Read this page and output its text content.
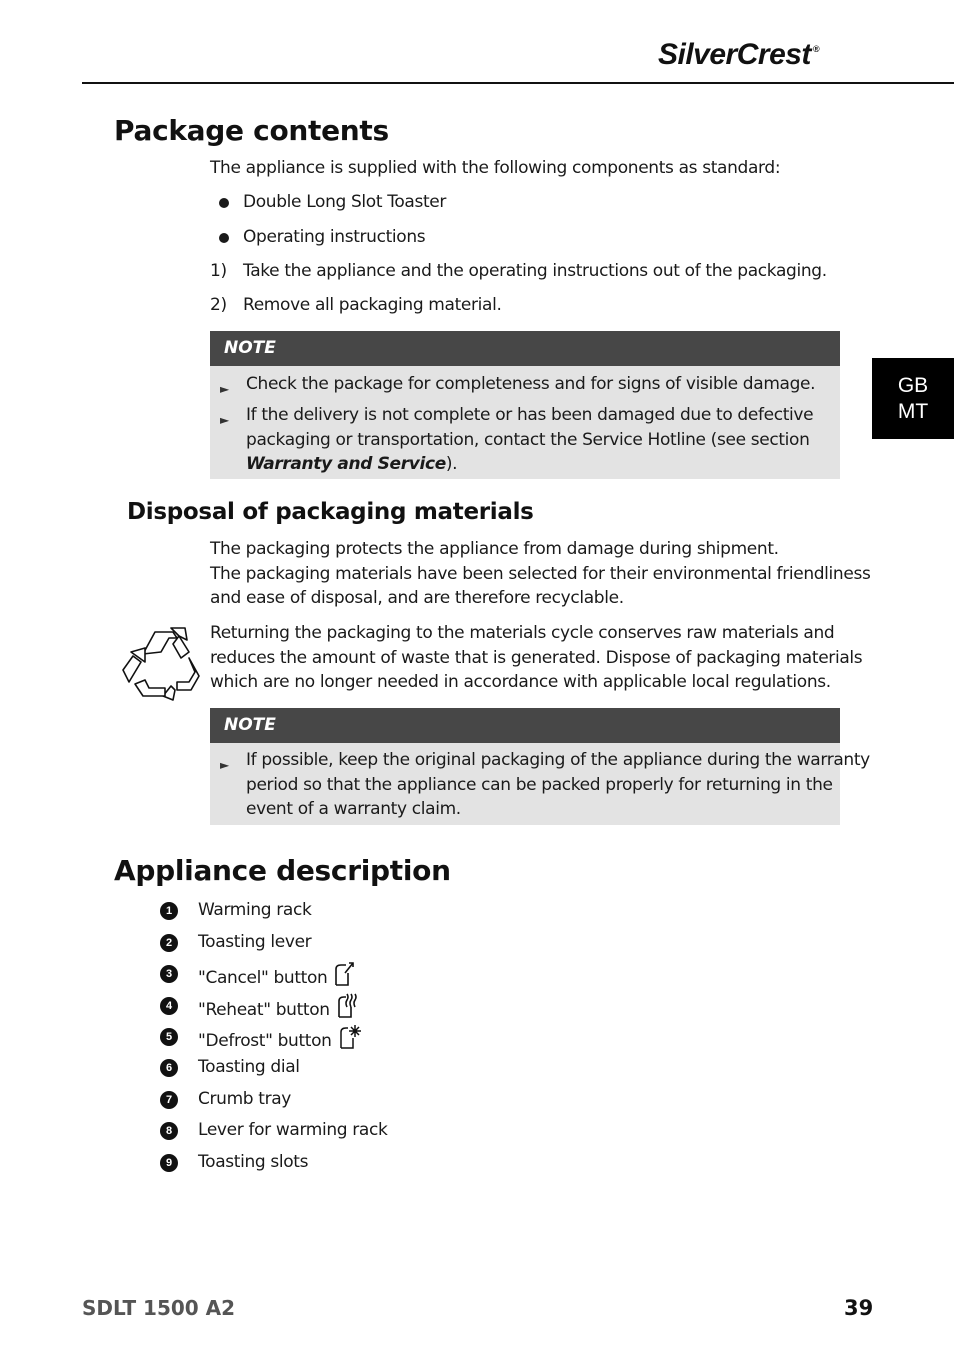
SilverCrest ®
GB
MT
Package contents
The appliance is supplied with the following components as standard:
Double Long Slot Toaster
Operating instructions
1) Take the appliance and the operating instructions out of the packaging.
2) Remove all packaging material.
NOTE
► Check the package for completeness and for signs of visible damage.
► If the delivery is not complete or has been damaged due to defective
packaging or transportation, contact the Service Hotline (see section
Warranty and Service).
Disposal of packaging materials
The packaging protects the appliance from damage during shipment.
The packaging materials have been selected for their environmental friendliness
and ease of disposal, and are therefore recyclable.
Returning the packaging to the materials cycle conserves raw materials and
reduces the amount of waste that is generated. Dispose of packaging materials
which are no longer needed in accordance with applicable local regulations.
NOTE
► If possible, keep the original packaging of the appliance during the warranty
period so that the appliance can be packed properly for returning in the
event of a warranty claim.
Appliance description
1	Warming rack
2	Toasting lever
3	"Cancel" button
4	"Reheat" button
5	"Defrost" button
6	Toasting dial
7	Crumb tray
8	Lever for warming rack
9	Toasting slots
SDLT 1500 A2	39
